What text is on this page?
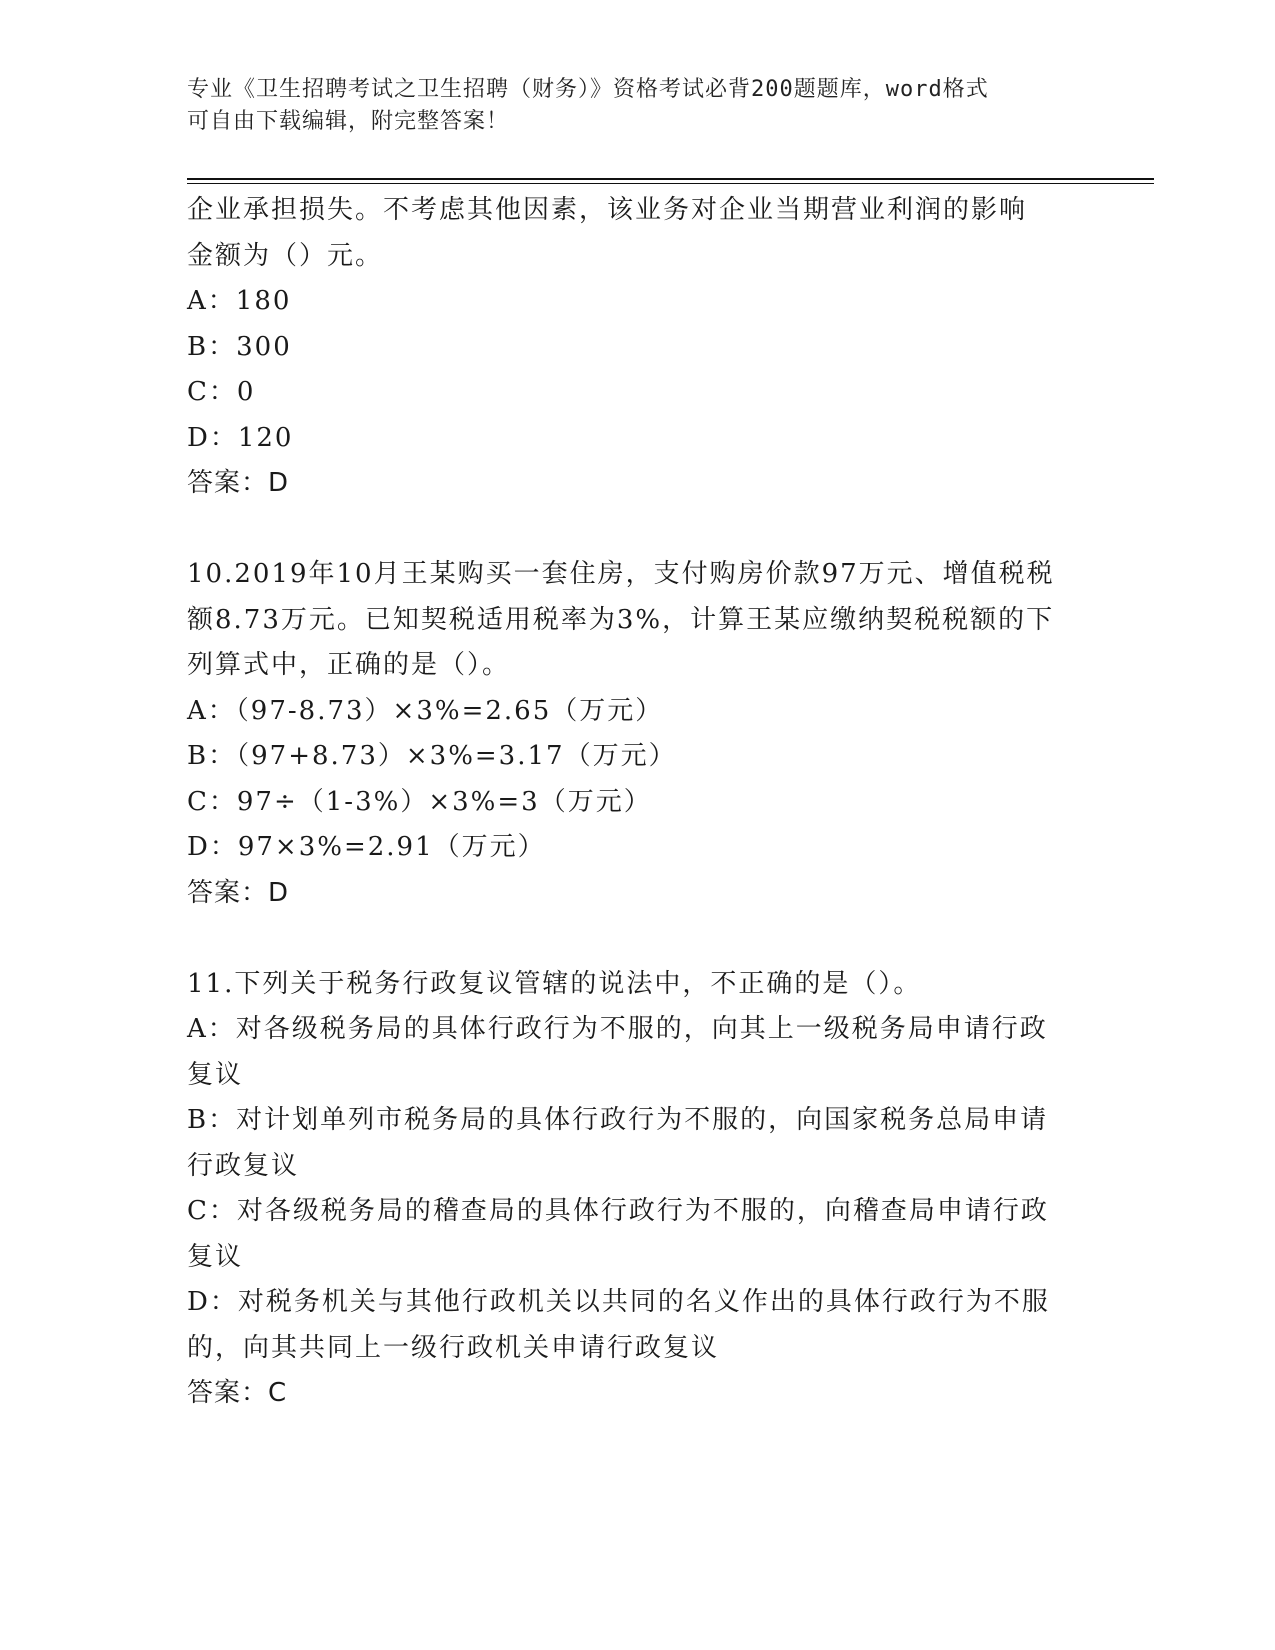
专业《卫生招聘考试之卫生招聘（财务）》资格考试必背200题题库，word格式
可自由下载编辑，附完整答案！
企业承担损失。不考虑其他因素，该业务对企业当期营业利润的影响
金额为（）元。
A：180
B：300
C：0
D：120
答案：D
10.2019年10月王某购买一套住房，支付购房价款97万元、增值税税
额8.73万元。已知契税适用税率为3%，计算王某应缴纳契税税额的下
列算式中，正确的是（）。
A：（97-8.73）×3%=2.65（万元）
B：（97+8.73）×3%=3.17（万元）
C：97÷（1-3%）×3%=3（万元）
D：97×3%=2.91（万元）
答案：D
11.下列关于税务行政复议管辖的说法中，不正确的是（）。
A：对各级税务局的具体行政行为不服的，向其上一级税务局申请行政
复议
B：对计划单列市税务局的具体行政行为不服的，向国家税务总局申请
行政复议
C：对各级税务局的稽查局的具体行政行为不服的，向稽查局申请行政
复议
D：对税务机关与其他行政机关以共同的名义作出的具体行政行为不服
的，向其共同上一级行政机关申请行政复议
答案：C
